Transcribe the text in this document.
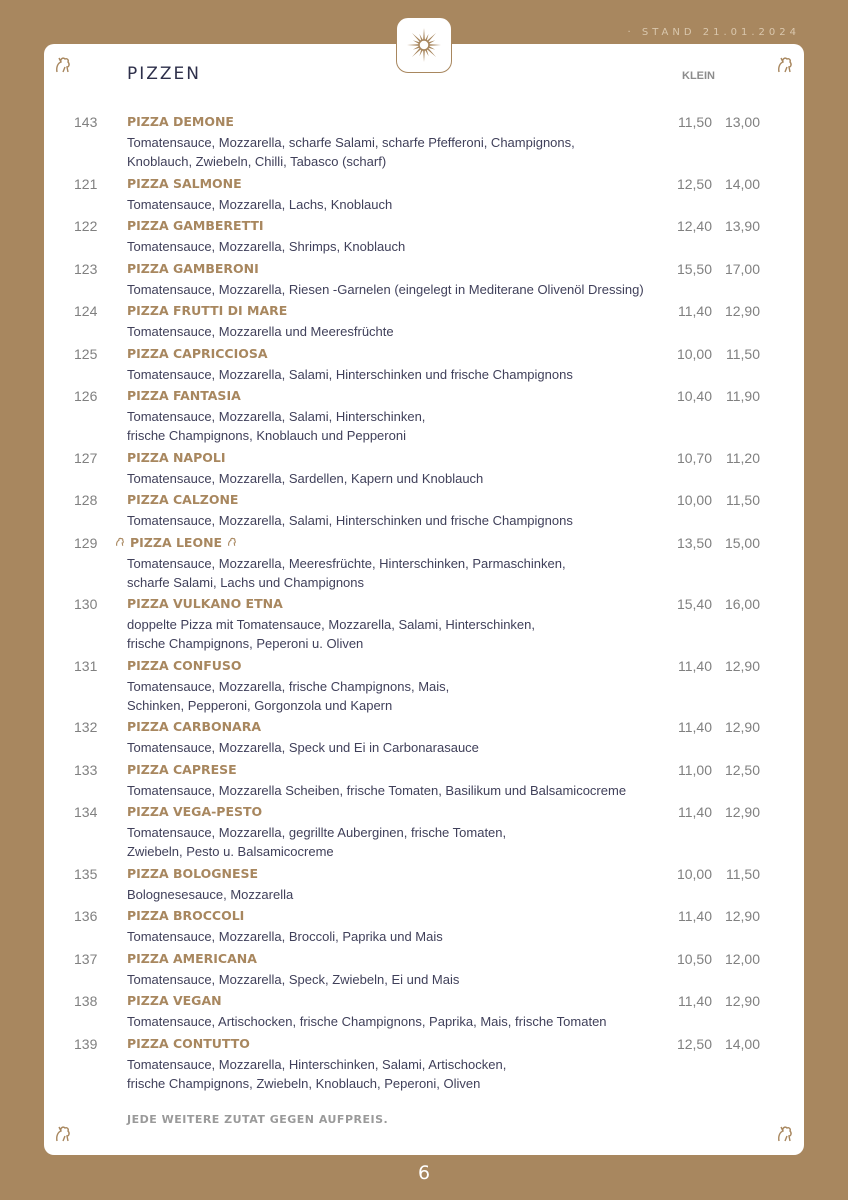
· STAND 21.01.2024
PIZZEN	KLEIN
143	PIZZA DEMONE
Tomatensauce, Mozzarella, scharfe Salami, scharfe Pfefferoni, Champignons,
Knoblauch, Zwiebeln, Chilli, Tabasco (scharf)
11,50 13,00
121	PIZZA SALMONE
Tomatensauce, Mozzarella, Lachs, Knoblauch
12,50 14,00
122	PIZZA GAMBERETTI
Tomatensauce, Mozzarella, Shrimps, Knoblauch
12,40 13,90
123	PIZZA GAMBERONI
Tomatensauce, Mozzarella, Riesen -Garnelen (eingelegt in Mediterane Olivenöl Dressing)
15,50 17,00
124	PIZZA FRUTTI DI MARE
Tomatensauce, Mozzarella und Meeresfrüchte
11,40 12,90
125	PIZZA CAPRICCIOSA
Tomatensauce, Mozzarella, Salami, Hinterschinken und frische Champignons
10,00	11,50
126	PIZZA FANTASIA
Tomatensauce, Mozzarella, Salami, Hinterschinken,
frische Champignons, Knoblauch und Pepperoni
10,40	11,90
127	PIZZA NAPOLI
Tomatensauce, Mozzarella, Sardellen, Kapern und Knoblauch
10,70	11,20
128	PIZZA CALZONE
Tomatensauce, Mozzarella, Salami, Hinterschinken und frische Champignons
10,00	11,50
129	PIZZA LEONE
Tomatensauce, Mozzarella, Meeresfrüchte, Hinterschinken, Parmaschinken,
scharfe Salami, Lachs und Champignons
13,50 15,00
130	PIZZA VULKANO ETNA
doppelte Pizza mit Tomatensauce, Mozzarella, Salami, Hinterschinken,
frische Champignons, Peperoni u. Oliven
15,40 16,00
131	PIZZA CONFUSO
Tomatensauce, Mozzarella, frische Champignons, Mais,
Schinken, Pepperoni, Gorgonzola und Kapern
11,40 12,90
132	PIZZA CARBONARA
Tomatensauce, Mozzarella, Speck und Ei in Carbonarasauce
11,40 12,90
133	PIZZA CAPRESE
Tomatensauce, Mozzarella Scheiben, frische Tomaten, Basilikum und Balsamicocreme
11,00 12,50
134	PIZZA VEGA-PESTO
Tomatensauce, Mozzarella, gegrillte Auberginen, frische Tomaten,
Zwiebeln, Pesto u. Balsamicocreme
11,40 12,90
135	PIZZA BOLOGNESE
Bolognesesauce, Mozzarella
10,00	11,50
136	PIZZA BROCCOLI
Tomatensauce, Mozzarella, Broccoli, Paprika und Mais
11,40 12,90
137	PIZZA AMERICANA
Tomatensauce, Mozzarella, Speck, Zwiebeln, Ei und Mais
10,50 12,00
138	PIZZA VEGAN
Tomatensauce, Artischocken, frische Champignons, Paprika, Mais, frische Tomaten
11,40 12,90
139	PIZZA CONTUTTO
Tomatensauce, Mozzarella, Hinterschinken, Salami, Artischocken,
frische Champignons, Zwiebeln, Knoblauch, Peperoni, Oliven
12,50 14,00
JEDE WEITERE ZUTAT GEGEN AUFPREIS.
6
